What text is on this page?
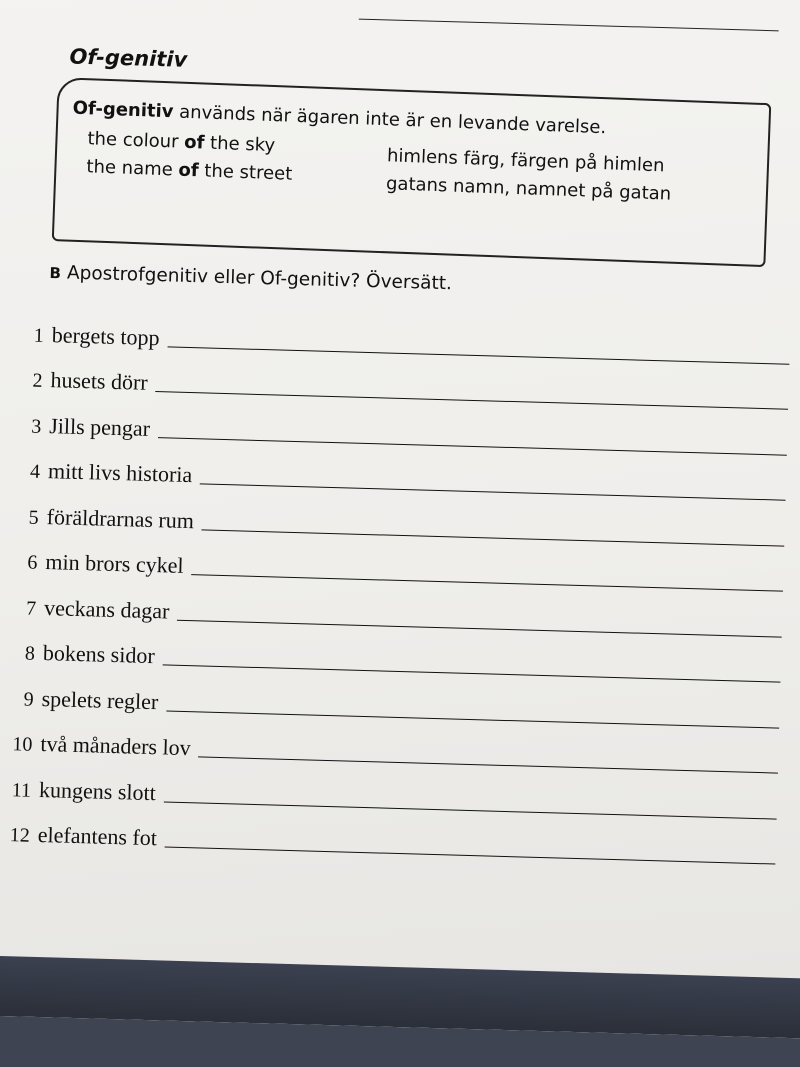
Of-genitiv
Of-genitiv används när ägaren inte är en levande varelse.
the colour of the sky
himlens färg, färgen på himlen
the name of the street
gatans namn, namnet på gatan
B Apostrofgenitiv eller Of-genitiv? Översätt.
1 bergets topp
2 husets dörr
3 Jills pengar
4 mitt livs historia
5 föräldrarnas rum
6 min brors cykel
7 veckans dagar
8 bokens sidor
9 spelets regler
10 två månaders lov
11 kungens slott
12 elefantens fot
